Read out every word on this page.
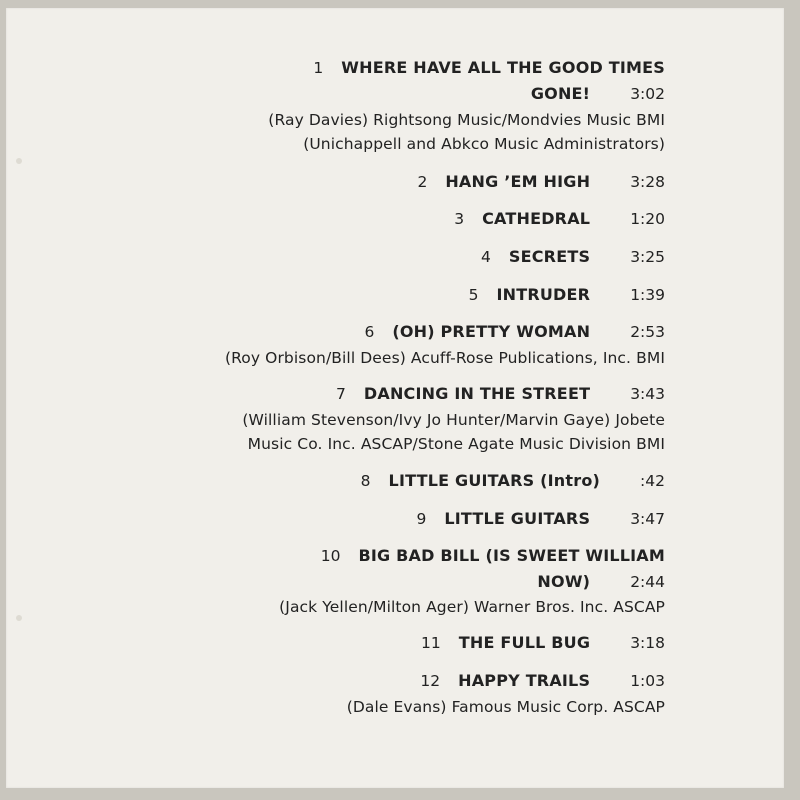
1 WHERE HAVE ALL THE GOOD TIMES
GONE!	3:02
(Ray Davies) Rightsong Music/Mondvies Music BMI
(Unichappell and Abkco Music Administrators)
2 HANG ’EM HIGH	3:28
3 CATHEDRAL	1:20
4 SECRETS	3:25
5 INTRUDER	1:39
6 (OH) PRETTY WOMAN	2:53
(Roy Orbison/Bill Dees) Acuff-Rose Publications, Inc. BMI
7 DANCING IN THE STREET	3:43
(William Stevenson/Ivy Jo Hunter/Marvin Gaye) Jobete
Music Co. Inc. ASCAP/Stone Agate Music Division BMI
8 LITTLE GUITARS (Intro)	:42
9 LITTLE GUITARS	3:47
10 BIG BAD BILL (IS SWEET WILLIAM
NOW)	2:44
(Jack Yellen/Milton Ager) Warner Bros. Inc. ASCAP
11 THE FULL BUG	3:18
12 HAPPY TRAILS	1:03
(Dale Evans) Famous Music Corp. ASCAP
